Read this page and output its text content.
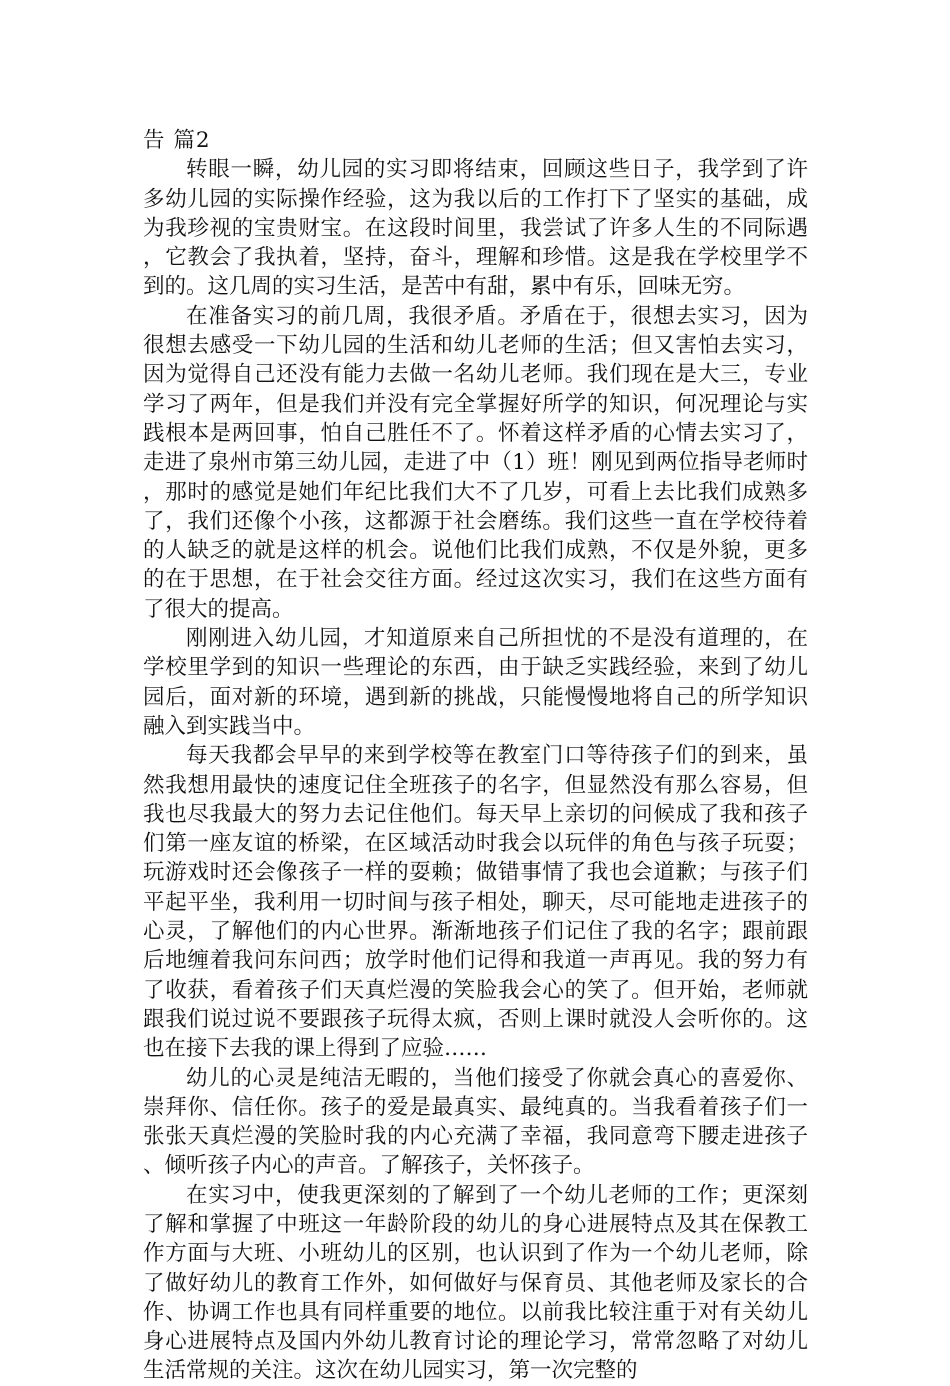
告 篇2

转眼一瞬，幼儿园的实习即将结束，回顾这些日子，我学到了许多幼儿园的实际操作经验，这为我以后的工作打下了坚实的基础，成为我珍视的宝贵财宝。在这段时间里，我尝试了许多人生的不同际遇，它教会了我执着，坚持，奋斗，理解和珍惜。这是我在学校里学不到的。这几周的实习生活，是苦中有甜，累中有乐，回味无穷。

在准备实习的前几周，我很矛盾。矛盾在于，很想去实习，因为很想去感受一下幼儿园的生活和幼儿老师的生活；但又害怕去实习，因为觉得自己还没有能力去做一名幼儿老师。我们现在是大三，专业学习了两年，但是我们并没有完全掌握好所学的知识，何况理论与实践根本是两回事，怕自己胜任不了。怀着这样矛盾的心情去实习了，走进了泉州市第三幼儿园，走进了中（1）班！刚见到两位指导老师时，那时的感觉是她们年纪比我们大不了几岁，可看上去比我们成熟多了，我们还像个小孩，这都源于社会磨练。我们这些一直在学校待着的人缺乏的就是这样的机会。说他们比我们成熟，不仅是外貌，更多的在于思想，在于社会交往方面。经过这次实习，我们在这些方面有了很大的提高。

刚刚进入幼儿园，才知道原来自己所担忧的不是没有道理的，在学校里学到的知识一些理论的东西，由于缺乏实践经验，来到了幼儿园后，面对新的环境，遇到新的挑战，只能慢慢地将自己的所学知识融入到实践当中。

每天我都会早早的来到学校等在教室门口等待孩子们的到来，虽然我想用最快的速度记住全班孩子的名字，但显然没有那么容易，但我也尽我最大的努力去记住他们。每天早上亲切的问候成了我和孩子们第一座友谊的桥梁，在区域活动时我会以玩伴的角色与孩子玩耍；玩游戏时还会像孩子一样的耍赖；做错事情了我也会道歉；与孩子们平起平坐，我利用一切时间与孩子相处，聊天，尽可能地走进孩子的心灵，了解他们的内心世界。渐渐地孩子们记住了我的名字；跟前跟后地缠着我问东问西；放学时他们记得和我道一声再见。我的努力有了收获，看着孩子们天真烂漫的笑脸我会心的笑了。但开始，老师就跟我们说过说不要跟孩子玩得太疯，否则上课时就没人会听你的。这也在接下去我的课上得到了应验……

幼儿的心灵是纯洁无暇的，当他们接受了你就会真心的喜爱你、崇拜你、信任你。孩子的爱是最真实、最纯真的。当我看着孩子们一张张天真烂漫的笑脸时我的内心充满了幸福，我同意弯下腰走进孩子、倾听孩子内心的声音。了解孩子，关怀孩子。

在实习中，使我更深刻的了解到了一个幼儿老师的工作；更深刻了解和掌握了中班这一年龄阶段的幼儿的身心进展特点及其在保教工作方面与大班、小班幼儿的区别，也认识到了作为一个幼儿老师，除了做好幼儿的教育工作外，如何做好与保育员、其他老师及家长的合作、协调工作也具有同样重要的地位。以前我比较注重于对有关幼儿身心进展特点及国内外幼儿教育讨论的理论学习，常常忽略了对幼儿生活常规的关注。这次在幼儿园实习，第一次完整的
